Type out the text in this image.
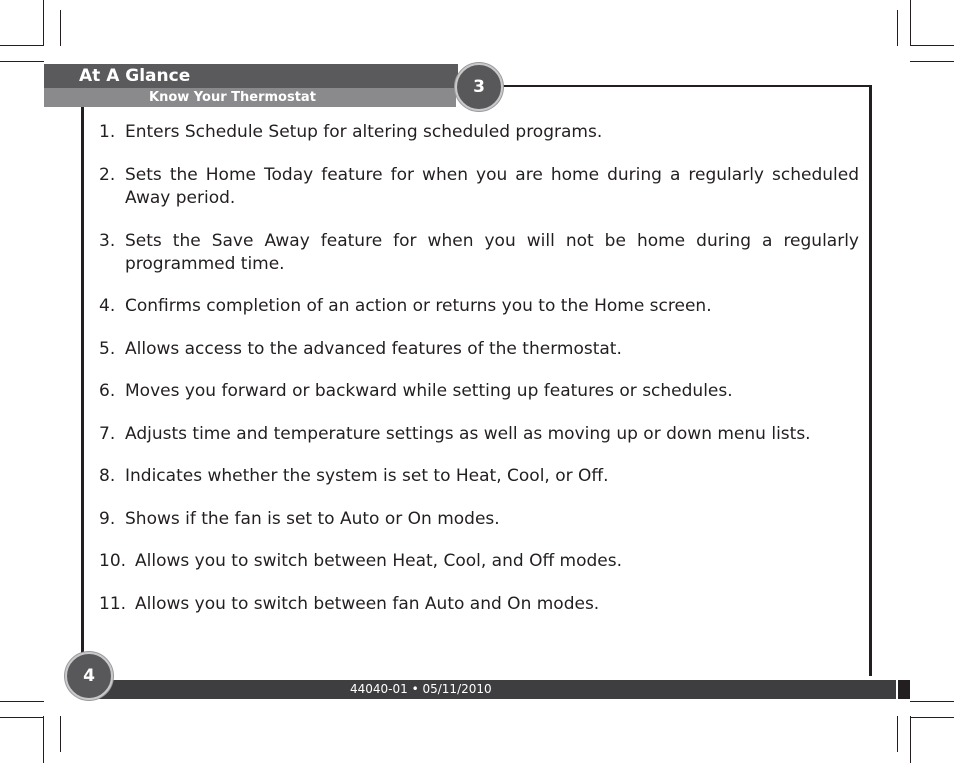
At A Glance
Know Your Thermostat
3
1. Enters Schedule Setup for altering scheduled programs.
2. Sets the Home Today feature for when you are home during a regularly scheduled Away period.
3. Sets the Save Away feature for when you will not be home during a regularly programmed time.
4. Confirms completion of an action or returns you to the Home screen.
5. Allows access to the advanced features of the thermostat.
6. Moves you forward or backward while setting up features or schedules.
7. Adjusts time and temperature settings as well as moving up or down menu lists.
8. Indicates whether the system is set to Heat, Cool, or Off.
9. Shows if the fan is set to Auto or On modes.
10. Allows you to switch between Heat, Cool, and Off modes.
11. Allows you to switch between fan Auto and On modes.
44040-01 • 05/11/2010
4
